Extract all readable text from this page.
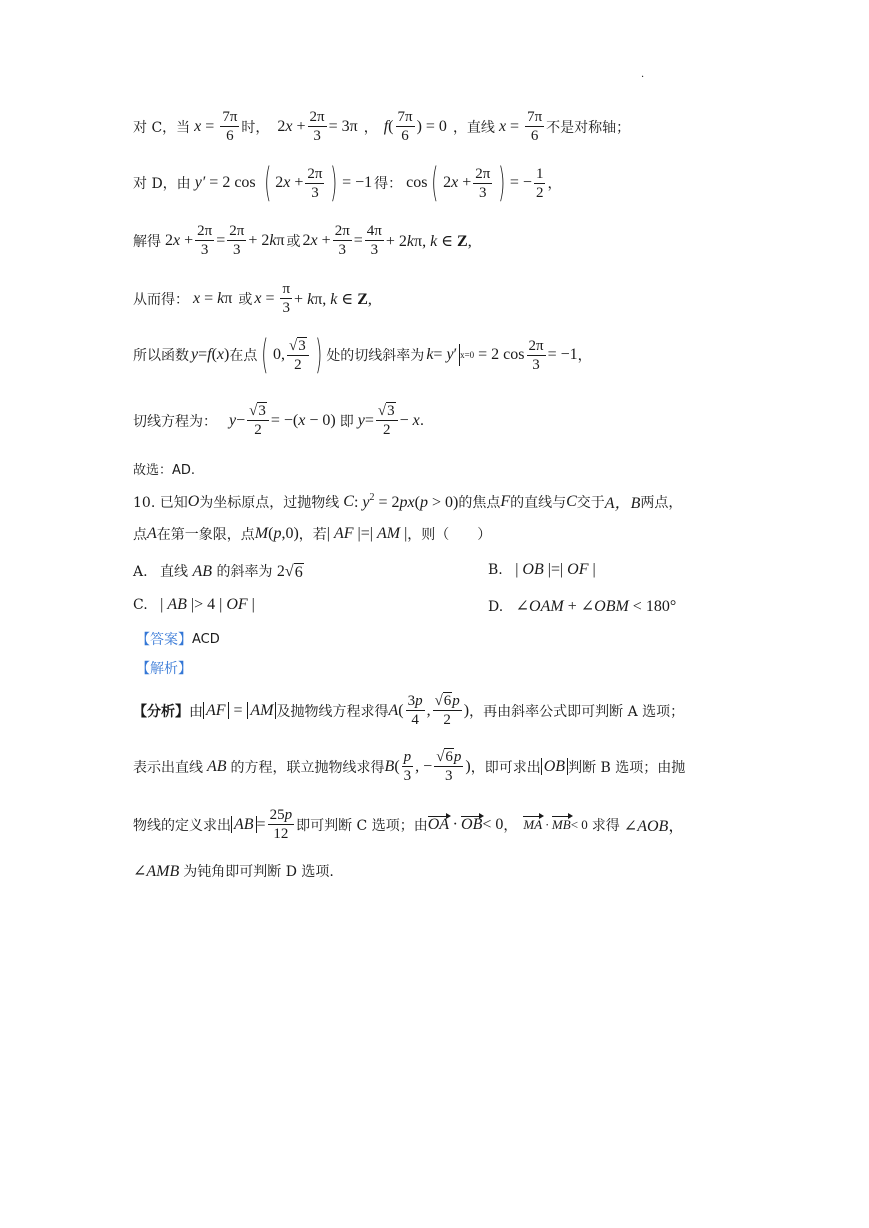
·
对 C，当 $x = \frac{7\pi}{6}$ 时， $2x + \frac{2\pi}{3} = 3\pi$ ， f ( $\frac{7\pi}{6}$ ) = 0 ，直线 $x = \frac{7\pi}{6}$ 不是对称轴；
对 D，由 y′ = 2 cos ( $2x + \frac{2\pi}{3}$ ) = −1 得： cos ( $2x + \frac{2\pi}{3}$ ) = − $\frac{1}{2}$ ，
解得 $2x + \frac{2\pi}{3} = \frac{2\pi}{3} + 2k\pi$ 或 $2x + \frac{2\pi}{3} = \frac{4\pi}{3} + 2k\pi$, k ∈ Z,
从而得： x = kπ 或 $x = \frac{\pi}{3} + k\pi$, k ∈ Z,
所以函数 y = f (x) 在点 ( 0, $\frac{√ 3}{2}$ ) 处的切线斜率为 k = y′ x=0 = 2 $\cos \frac{2\pi}{3} = -1$ ，
切线方程为： $y - \frac{√ 3}{2} = -(x - 0)$ 即 $y = \frac{√ 3}{2} - x$ .
故选：AD.
10. 已知 O 为坐标原点，过抛物线 C : $y^2 = 2px(p > 0)$ 的焦点 F 的直线与 C 交于 A，B 两点，
点 A 在第一象限，点 M (p,0) ，若 | AF |=| AM | ，则（　　）
A. 直线 AB 的斜率为 2√ 6	B. | OB |=| OF |
C. | AB |> 4 | OF |	D. ∠OAM + ∠OBM < 180°
【答案】 ACD
【解析】
【分析】 由 AF = AM 及抛物线方程求得 A ( $\frac{3p}{4}$ , $\frac{√ 6 p}{2}$ ) ，再由斜率公式即可判断 A 选项；
表示出直线 AB 的方程，联立抛物线求得 B ( $\frac{p}{3}$ , − $\frac{√ 6 p}{3}$ ) ，即可求出 OB 判断 B 选项；由抛
物线的定义求出 AB = $\frac{25p}{12}$ 即可判断 C 选项；由 OA · OB < 0 ， MA · MB < 0 求得 ∠AOB，
∠AMB 为钝角即可判断 D 选项.
